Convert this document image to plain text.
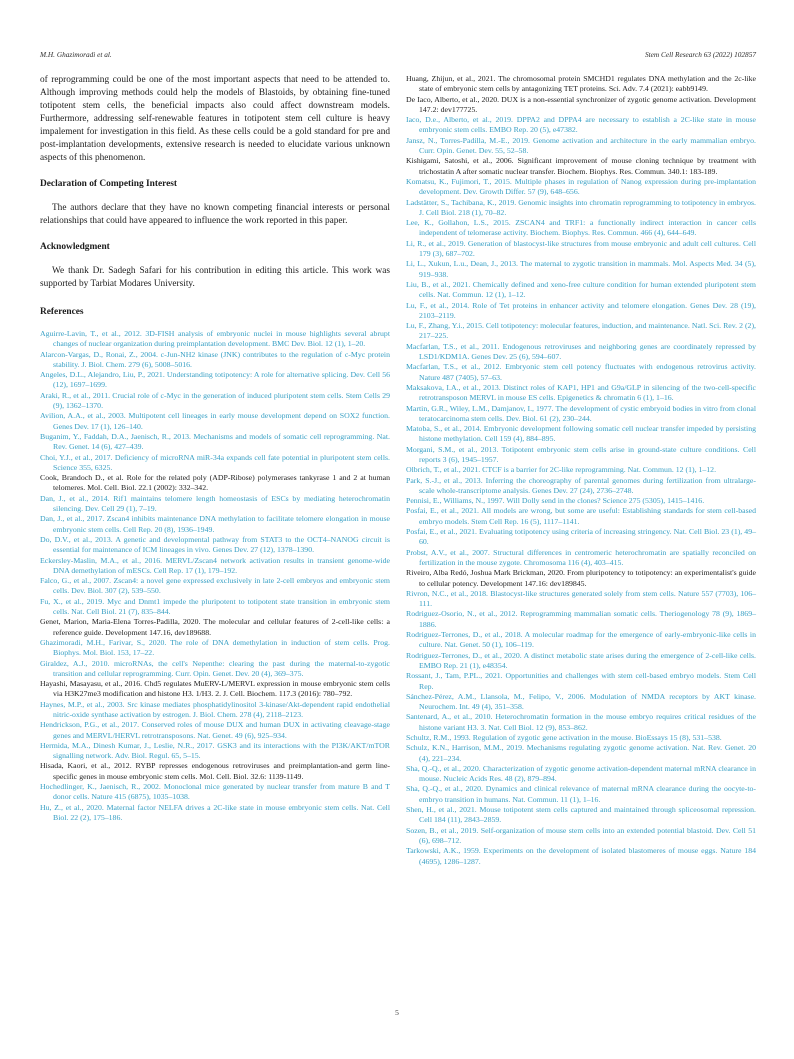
M.H. Ghazimoradi et al.	Stem Cell Research 63 (2022) 102857

of reprogramming could be one of the most important aspects that need to be attended to. Although improving methods could help the models of Blastoids, by obtaining fine-tuned totipotent stem cells, the beneficial impacts also could affect downstream models. Furthermore, addressing self-renewable features in totipotent stem cell culture is heavy impalement for investigation in this field. As these cells could be a gold standard for pre and post-implantation developments, extensive research is needed to elucidate various unknown aspects of this phenomenon.

Declaration of Competing Interest

The authors declare that they have no known competing financial interests or personal relationships that could have appeared to influence the work reported in this paper.

Acknowledgment

We thank Dr. Sadegh Safari for his contribution in editing this article. This work was supported by Tarbiat Modares University.

References

Aguirre-Lavin, T., et al., 2012. 3D-FISH analysis of embryonic nuclei in mouse highlights several abrupt changes of nuclear organization during preimplantation development. BMC Dev. Biol. 12 (1), 1–20.

Alarcon-Vargas, D., Ronai, Z., 2004. c-Jun-NH2 kinase (JNK) contributes to the regulation of c-Myc protein stability. J. Biol. Chem. 279 (6), 5008–5016.

Angeles, D.L., Alejandro, Liu, P., 2021. Understanding totipotency: A role for alternative splicing. Dev. Cell 56 (12), 1697–1699.

Araki, R., et al., 2011. Crucial role of c-Myc in the generation of induced pluripotent stem cells. Stem Cells 29 (9), 1362–1370.

Avilion, A.A., et al., 2003. Multipotent cell lineages in early mouse development depend on SOX2 function. Genes Dev. 17 (1), 126–140.

Buganim, Y., Faddah, D.A., Jaenisch, R., 2013. Mechanisms and models of somatic cell reprogramming. Nat. Rev. Genet. 14 (6), 427–439.

Choi, Y.J., et al., 2017. Deficiency of microRNA miR-34a expands cell fate potential in pluripotent stem cells. Science 355, 6325.

Cook, Brandoch D., et al. Role for the related poly (ADP-Ribose) polymerases tankyrase 1 and 2 at human telomeres. Mol. Cell. Biol. 22.1 (2002): 332–342.

Dan, J., et al., 2014. Rif1 maintains telomere length homeostasis of ESCs by mediating heterochromatin silencing. Dev. Cell 29 (1), 7–19.

Dan, J., et al., 2017. Zscan4 inhibits maintenance DNA methylation to facilitate telomere elongation in mouse embryonic stem cells. Cell Rep. 20 (8), 1936–1949.

Do, D.V., et al., 2013. A genetic and developmental pathway from STAT3 to the OCT4–NANOG circuit is essential for maintenance of ICM lineages in vivo. Genes Dev. 27 (12), 1378–1390.

Eckersley-Maslin, M.A., et al., 2016. MERVL/Zscan4 network activation results in transient genome-wide DNA demethylation of mESCs. Cell Rep. 17 (1), 179–192.

Falco, G., et al., 2007. Zscan4: a novel gene expressed exclusively in late 2-cell embryos and embryonic stem cells. Dev. Biol. 307 (2), 539–550.

Fu, X., et al., 2019. Myc and Dnmt1 impede the pluripotent to totipotent state transition in embryonic stem cells. Nat. Cell Biol. 21 (7), 835–844.

Genet, Marion, Maria-Elena Torres-Padilla, 2020. The molecular and cellular features of 2-cell-like cells: a reference guide. Development 147.16, dev189688.

Ghazimoradi, M.H., Farivar, S., 2020. The role of DNA demethylation in induction of stem cells. Prog. Biophys. Mol. Biol. 153, 17–22.

Giraldez, A.J., 2010. microRNAs, the cell's Nepenthe: clearing the past during the maternal-to-zygotic transition and cellular reprogramming. Curr. Opin. Genet. Dev. 20 (4), 369–375.

Hayashi, Masayasu, et al., 2016. Chd5 regulates MuERV-L/MERVL expression in mouse embryonic stem cells via H3K27me3 modification and histone H3. 1/H3. 2. J. Cell. Biochem. 117.3 (2016): 780–792.

Haynes, M.P., et al., 2003. Src kinase mediates phosphatidylinositol 3-kinase/Akt-dependent rapid endothelial nitric-oxide synthase activation by estrogen. J. Biol. Chem. 278 (4), 2118–2123.

Hendrickson, P.G., et al., 2017. Conserved roles of mouse DUX and human DUX in activating cleavage-stage genes and MERVL/HERVL retrotransposons. Nat. Genet. 49 (6), 925–934.

Hermida, M.A., Dinesh Kumar, J., Leslie, N.R., 2017. GSK3 and its interactions with the PI3K/AKT/mTOR signalling network. Adv. Biol. Regul. 65, 5–15.

Hisada, Kaori, et al., 2012. RYBP represses endogenous retroviruses and preimplantation-and germ line-specific genes in mouse embryonic stem cells. Mol. Cell. Biol. 32.6: 1139-1149.

Hochedlinger, K., Jaenisch, R., 2002. Monoclonal mice generated by nuclear transfer from mature B and T donor cells. Nature 415 (6875), 1035–1038.

Hu, Z., et al., 2020. Maternal factor NELFA drives a 2C-like state in mouse embryonic stem cells. Nat. Cell Biol. 22 (2), 175–186.

Huang, Zhijun, et al., 2021. The chromosomal protein SMCHD1 regulates DNA methylation and the 2c-like state of embryonic stem cells by antagonizing TET proteins. Sci. Adv. 7.4 (2021): eabb9149.

De Iaco, Alberto, et al., 2020. DUX is a non-essential synchronizer of zygotic genome activation. Development 147.2: dev177725.

Iaco, D.e., Alberto, et al., 2019. DPPA2 and DPPA4 are necessary to establish a 2C-like state in mouse embryonic stem cells. EMBO Rep. 20 (5), e47382.

Jansz, N., Torres-Padilla, M.-E., 2019. Genome activation and architecture in the early mammalian embryo. Curr. Opin. Genet. Dev. 55, 52–58.

Kishigami, Satoshi, et al., 2006. Significant improvement of mouse cloning technique by treatment with trichostatin A after somatic nuclear transfer. Biochem. Biophys. Res. Commun. 340.1: 183-189.

Komatsu, K., Fujimori, T., 2015. Multiple phases in regulation of Nanog expression during pre-implantation development. Dev. Growth Differ. 57 (9), 648–656.

Ladstätter, S., Tachibana, K., 2019. Genomic insights into chromatin reprogramming to totipotency in embryos. J. Cell Biol. 218 (1), 70–82.

Lee, K., Gollahon, L.S., 2015. ZSCAN4 and TRF1: a functionally indirect interaction in cancer cells independent of telomerase activity. Biochem. Biophys. Res. Commun. 466 (4), 644–649.

Li, R., et al., 2019. Generation of blastocyst-like structures from mouse embryonic and adult cell cultures. Cell 179 (3), 687–702.

Li, L., Xukun, L.u., Dean, J., 2013. The maternal to zygotic transition in mammals. Mol. Aspects Med. 34 (5), 919–938.

Liu, B., et al., 2021. Chemically defined and xeno-free culture condition for human extended pluripotent stem cells. Nat. Commun. 12 (1), 1–12.

Lu, F., et al., 2014. Role of Tet proteins in enhancer activity and telomere elongation. Genes Dev. 28 (19), 2103–2119.

Lu, F., Zhang, Y.i., 2015. Cell totipotency: molecular features, induction, and maintenance. Natl. Sci. Rev. 2 (2), 217–225.

Macfarlan, T.S., et al., 2011. Endogenous retroviruses and neighboring genes are coordinately repressed by LSD1/KDM1A. Genes Dev. 25 (6), 594–607.

Macfarlan, T.S., et al., 2012. Embryonic stem cell potency fluctuates with endogenous retrovirus activity. Nature 487 (7405), 57–63.

Maksakova, I.A., et al., 2013. Distinct roles of KAP1, HP1 and G9a/GLP in silencing of the two-cell-specific retrotransposon MERVL in mouse ES cells. Epigenetics & chromatin 6 (1), 1–16.

Martin, G.R., Wiley, L.M., Damjanov, I., 1977. The development of cystic embryoid bodies in vitro from clonal teratocarcinoma stem cells. Dev. Biol. 61 (2), 230–244.

Matoba, S., et al., 2014. Embryonic development following somatic cell nuclear transfer impeded by persisting histone methylation. Cell 159 (4), 884–895.

Morgani, S.M., et al., 2013. Totipotent embryonic stem cells arise in ground-state culture conditions. Cell reports 3 (6), 1945–1957.

Olbrich, T., et al., 2021. CTCF is a barrier for 2C-like reprogramming. Nat. Commun. 12 (1), 1–12.

Park, S.-J., et al., 2013. Inferring the choreography of parental genomes during fertilization from ultralarge-scale whole-transcriptome analysis. Genes Dev. 27 (24), 2736–2748.

Pennisi, E., Williams, N., 1997. Will Dolly send in the clones? Science 275 (5305), 1415–1416.

Posfai, E., et al., 2021. All models are wrong, but some are useful: Establishing standards for stem cell-based embryo models. Stem Cell Rep. 16 (5), 1117–1141.

Posfai, E., et al., 2021. Evaluating totipotency using criteria of increasing stringency. Nat. Cell Biol. 23 (1), 49–60.

Probst, A.V., et al., 2007. Structural differences in centromeric heterochromatin are spatially reconciled on fertilization in the mouse zygote. Chromosoma 116 (4), 403–415.

Riveiro, Alba Redó, Joshua Mark Brickman, 2020. From pluripotency to totipotency: an experimentalist's guide to cellular potency. Development 147.16: dev189845.

Rivron, N.C., et al., 2018. Blastocyst-like structures generated solely from stem cells. Nature 557 (7703), 106–111.

Rodriguez-Osorio, N., et al., 2012. Reprogramming mammalian somatic cells. Theriogenology 78 (9), 1869–1886.

Rodriguez-Terrones, D., et al., 2018. A molecular roadmap for the emergence of early-embryonic-like cells in culture. Nat. Genet. 50 (1), 106–119.

Rodriguez-Terrones, D., et al., 2020. A distinct metabolic state arises during the emergence of 2-cell-like cells. EMBO Rep. 21 (1), e48354.

Rossant, J., Tam, P.PL., 2021. Opportunities and challenges with stem cell-based embryo models. Stem Cell Rep.

Sánchez-Pérez, A.M., Llansola, M., Felipo, V., 2006. Modulation of NMDA receptors by AKT kinase. Neurochem. Int. 49 (4), 351–358.

Santenard, A., et al., 2010. Heterochromatin formation in the mouse embryo requires critical residues of the histone variant H3. 3. Nat. Cell Biol. 12 (9), 853–862.

Schultz, R.M., 1993. Regulation of zygotic gene activation in the mouse. BioEssays 15 (8), 531–538.

Schulz, K.N., Harrison, M.M., 2019. Mechanisms regulating zygotic genome activation. Nat. Rev. Genet. 20 (4), 221–234.

Sha, Q.-Q., et al., 2020. Characterization of zygotic genome activation-dependent maternal mRNA clearance in mouse. Nucleic Acids Res. 48 (2), 879–894.

Sha, Q.-Q., et al., 2020. Dynamics and clinical relevance of maternal mRNA clearance during the oocyte-to-embryo transition in humans. Nat. Commun. 11 (1), 1–16.

Shen, H., et al., 2021. Mouse totipotent stem cells captured and maintained through spliceosomal repression. Cell 184 (11), 2843–2859.

Sozen, B., et al., 2019. Self-organization of mouse stem cells into an extended potential blastoid. Dev. Cell 51 (6), 698–712.

Tarkowski, A.K., 1959. Experiments on the development of isolated blastomeres of mouse eggs. Nature 184 (4695), 1286–1287.

5
